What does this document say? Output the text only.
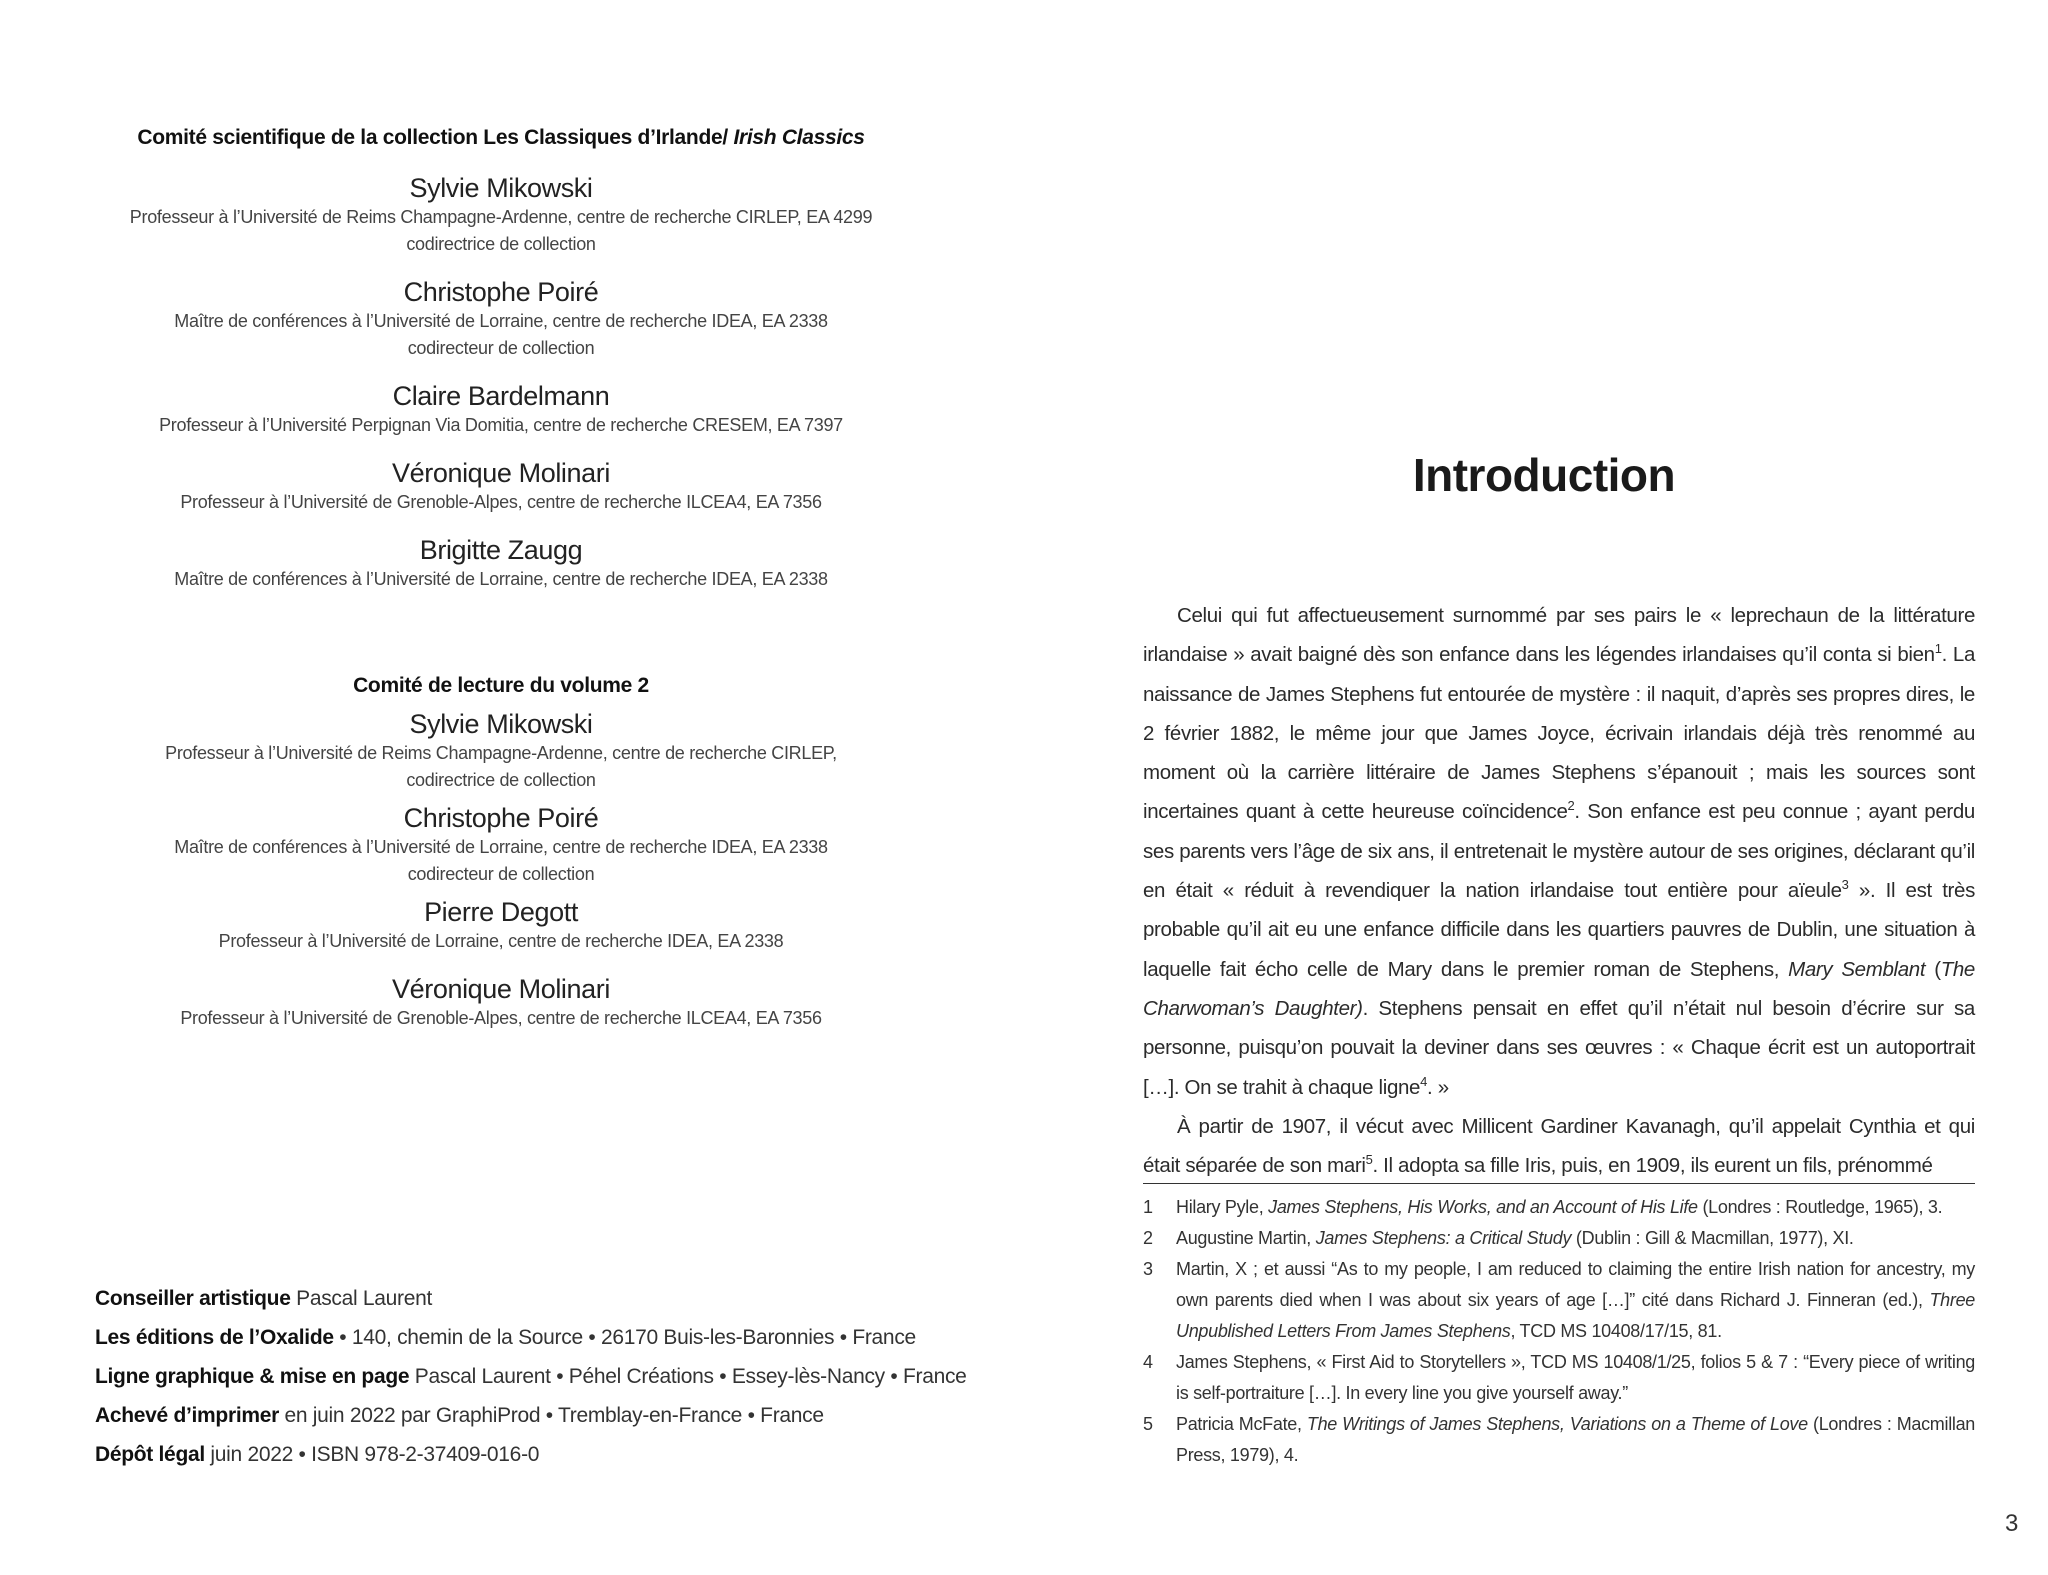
Comité scientifique de la collection Les Classiques d’Irlande/ Irish Classics
Sylvie Mikowski
Professeur à l’Université de Reims Champagne-Ardenne, centre de recherche CIRLEP, EA 4299
codirectrice de collection
Christophe Poiré
Maître de conférences à l’Université de Lorraine, centre de recherche IDEA, EA 2338
codirecteur de collection
Claire Bardelmann
Professeur à l’Université Perpignan Via Domitia, centre de recherche CRESEM, EA 7397
Véronique Molinari
Professeur à l’Université de Grenoble-Alpes, centre de recherche ILCEA4, EA 7356
Brigitte Zaugg
Maître de conférences à l’Université de Lorraine, centre de recherche IDEA, EA 2338
Comité de lecture du volume 2
Sylvie Mikowski
Professeur à l’Université de Reims Champagne-Ardenne, centre de recherche CIRLEP,
codirectrice de collection
Christophe Poiré
Maître de conférences à l’Université de Lorraine, centre de recherche IDEA, EA 2338
codirecteur de collection
Pierre Degott
Professeur à l’Université de Lorraine, centre de recherche IDEA, EA 2338
Véronique Molinari
Professeur à l’Université de Grenoble-Alpes, centre de recherche ILCEA4, EA 7356
Conseiller artistique Pascal Laurent
Les éditions de l’Oxalide • 140, chemin de la Source • 26170 Buis-les-Baronnies • France
Ligne graphique & mise en page Pascal Laurent • Péhel Créations • Essey-lès-Nancy • France
Achevé d’imprimer en juin 2022 par GraphiProd • Tremblay-en-France • France
Dépôt légal juin 2022 • ISBN 978-2-37409-016-0
Introduction

Celui qui fut affectueusement surnommé par ses pairs le « leprechaun de la littérature irlandaise » avait baigné dès son enfance dans les légendes irlandaises qu’il conta si bien$^1$. La naissance de James Stephens fut entourée de mystère : il naquit, d’après ses propres dires, le 2 février 1882, le même jour que James Joyce, écrivain irlandais déjà très renommé au moment où la carrière littéraire de James Stephens s’épanouit ; mais les sources sont incertaines quant à cette heureuse coïncidence$^2$. Son enfance est peu connue ; ayant perdu ses parents vers l’âge de six ans, il entretenait le mystère autour de ses origines, déclarant qu’il en était « réduit à revendiquer la nation irlandaise tout entière pour aïeule$^3$ ». Il est très probable qu’il ait eu une enfance difficile dans les quartiers pauvres de Dublin, une situation à laquelle fait écho celle de Mary dans le premier roman de Stephens, Mary Semblant (The Charwoman’s Daughter). Stephens pensait en effet qu’il n’était nul besoin d’écrire sur sa personne, puisqu’on pouvait la deviner dans ses œuvres : « Chaque écrit est un autoportrait […]. On se trahit à chaque ligne$^4$. »

À partir de 1907, il vécut avec Millicent Gardiner Kavanagh, qu’il appelait Cynthia et qui était séparée de son mari$^5$. Il adopta sa fille Iris, puis, en 1909, ils eurent un fils, prénommé

1	Hilary Pyle, James Stephens, His Works, and an Account of His Life (Londres : Routledge, 1965), 3.
2	Augustine Martin, James Stephens: a Critical Study (Dublin : Gill & Macmillan, 1977), XI.
3	Martin, X ; et aussi “As to my people, I am reduced to claiming the entire Irish nation for ancestry, my own parents died when I was about six years of age […]” cité dans Richard J. Finneran (ed.), Three Unpublished Letters From James Stephens, TCD MS 10408/17/15, 81.
4	James Stephens, « First Aid to Storytellers », TCD MS 10408/1/25, folios 5 & 7 : “Every piece of writing is self-portraiture […]. In every line you give yourself away.”
5	Patricia McFate, The Writings of James Stephens, Variations on a Theme of Love (Londres : Macmillan Press, 1979), 4.
3
